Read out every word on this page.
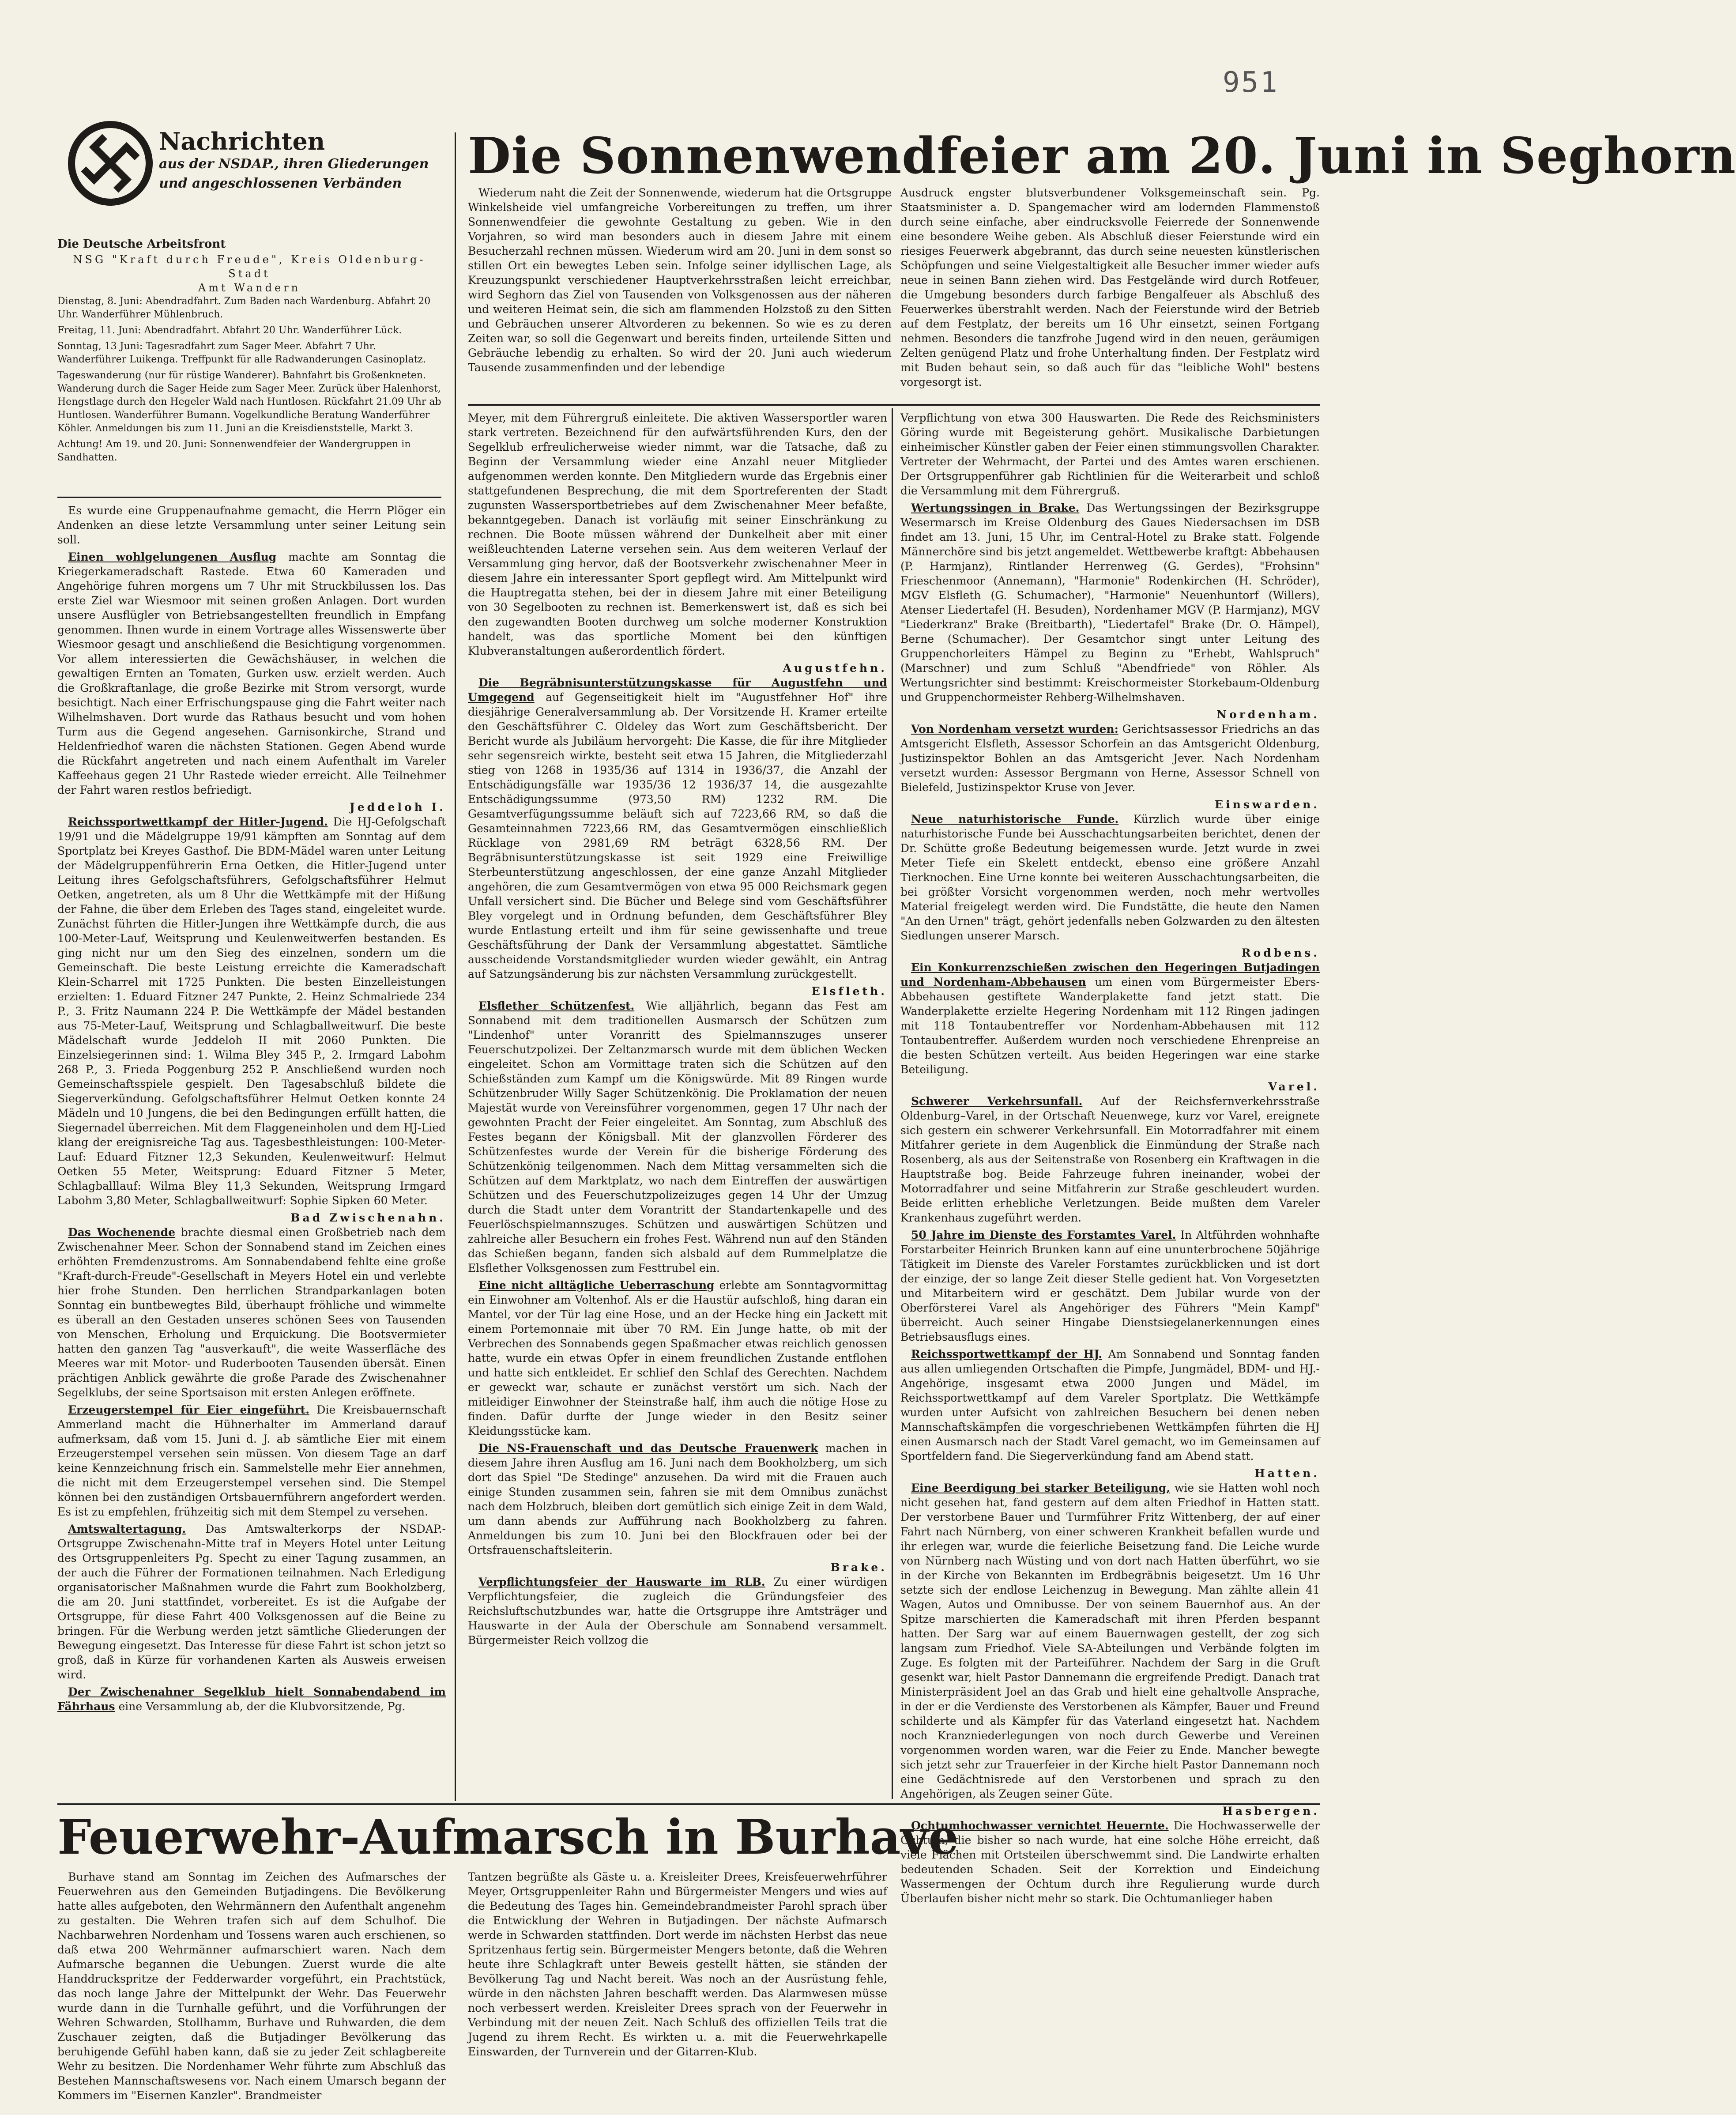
951
Nachrichten
aus der NSDAP., ihren Gliederungen und angeschlossenen Verbänden
Die Deutsche Arbeitsfront
NSG "Kraft durch Freude", Kreis Oldenburg-Stadt
Amt Wandern

Dienstag, 8. Juni: Abendradfahrt. Zum Baden nach Wardenburg. Abfahrt 20 Uhr. Wanderführer Mühlenbruch.

Freitag, 11. Juni: Abendradfahrt. Abfahrt 20 Uhr. Wanderführer Lück.

Sonntag, 13 Juni: Tagesradfahrt zum Sager Meer. Abfahrt 7 Uhr. Wanderführer Luikenga. Treffpunkt für alle Radwanderungen Casinoplatz.

Tageswanderung (nur für rüstige Wanderer). Bahnfahrt bis Großenkneten. Wanderung durch die Sager Heide zum Sager Meer. Zurück über Halenhorst, Hengstlage durch den Hegeler Wald nach Huntlosen. Rückfahrt 21.09 Uhr ab Huntlosen. Wanderführer Bumann. Vogelkundliche Beratung Wanderführer Köhler. Anmeldungen bis zum 11. Juni an die Kreisdienststelle, Markt 3.

Achtung! Am 19. und 20. Juni: Sonnenwendfeier der Wandergruppen in Sandhatten.

Die Sonnenwendfeier am 20. Juni in Seghorn

Wiederum naht die Zeit der Sonnenwende, wiederum hat die Ortsgruppe Winkelsheide viel umfangreiche Vorbereitungen zu treffen, um ihrer Sonnenwendfeier die gewohnte Gestaltung zu geben. Wie in den Vorjahren, so wird man besonders auch in diesem Jahre mit einem Besucherzahl rechnen müssen. Wiederum wird am 20. Juni in dem sonst so stillen Ort ein bewegtes Leben sein. Infolge seiner idyllischen Lage, als Kreuzungspunkt verschiedener Hauptverkehrsstraßen leicht erreichbar, wird Seghorn das Ziel von Tausenden von Volksgenossen aus der näheren und weiteren Heimat sein, die sich am flammenden Holzstoß zu den Sitten und Gebräuchen unserer Altvorderen zu bekennen. So wie es zu deren Zeiten war, so soll die Gegenwart und bereits finden, urteilende Sitten und Gebräuche lebendig zu erhalten. So wird der 20. Juni auch wiederum Tausende zusammenfinden und der lebendige

Ausdruck engster blutsverbundener Volksgemeinschaft sein. Pg. Staatsminister a. D. Spangemacher wird am lodernden Flammenstoß durch seine einfache, aber eindrucksvolle Feierrede der Sonnenwende eine besondere Weihe geben. Als Abschluß dieser Feierstunde wird ein riesiges Feuerwerk abgebrannt, das durch seine neuesten künstlerischen Schöpfungen und seine Vielgestaltigkeit alle Besucher immer wieder aufs neue in seinen Bann ziehen wird. Das Festgelände wird durch Rotfeuer, die Umgebung besonders durch farbige Bengalfeuer als Abschluß des Feuerwerkes überstrahlt werden. Nach der Feierstunde wird der Betrieb auf dem Festplatz, der bereits um 16 Uhr einsetzt, seinen Fortgang nehmen. Besonders die tanzfrohe Jugend wird in den neuen, geräumigen Zelten genügend Platz und frohe Unterhaltung finden. Der Festplatz wird mit Buden behaut sein, so daß auch für das "leibliche Wohl" bestens vorgesorgt ist.

Es wurde eine Gruppenaufnahme gemacht, die Herrn Plöger ein Andenken an diese letzte Versammlung unter seiner Leitung sein soll.

Einen wohlgelungenen Ausflug machte am Sonntag die Kriegerkameradschaft Rastede. Etwa 60 Kameraden und Angehörige fuhren morgens um 7 Uhr mit Struckbilussen los. Das erste Ziel war Wiesmoor mit seinen großen Anlagen. Dort wurden unsere Ausflügler von Betriebsangestellten freundlich in Empfang genommen. Ihnen wurde in einem Vortrage alles Wissenswerte über Wiesmoor gesagt und anschließend die Besichtigung vorgenommen. Vor allem interessierten die Gewächshäuser, in welchen die gewaltigen Ernten an Tomaten, Gurken usw. erzielt werden. Auch die Großkraftanlage, die große Bezirke mit Strom versorgt, wurde besichtigt. Nach einer Erfrischungspause ging die Fahrt weiter nach Wilhelmshaven. Dort wurde das Rathaus besucht und vom hohen Turm aus die Gegend angesehen. Garnisonkirche, Strand und Heldenfriedhof waren die nächsten Stationen. Gegen Abend wurde die Rückfahrt angetreten und nach einem Aufenthalt im Vareler Kaffeehaus gegen 21 Uhr Rastede wieder erreicht. Alle Teilnehmer der Fahrt waren restlos befriedigt.

Jeddeloh I.

Reichssportwettkampf der Hitler-Jugend. Die HJ-Gefolgschaft 19/91 und die Mädelgruppe 19/91 kämpften am Sonntag auf dem Sportplatz bei Kreyes Gasthof. Die BDM-Mädel waren unter Leitung der Mädelgruppenführerin Erna Oetken, die Hitler-Jugend unter Leitung ihres Gefolgschaftsführers, Gefolgschaftsführer Helmut Oetken, angetreten, als um 8 Uhr die Wettkämpfe mit der Hißung der Fahne, die über dem Erleben des Tages stand, eingeleitet wurde. Zunächst führten die Hitler-Jungen ihre Wettkämpfe durch, die aus 100-Meter-Lauf, Weitsprung und Keulenweitwerfen bestanden. Es ging nicht nur um den Sieg des einzelnen, sondern um die Gemeinschaft. Die beste Leistung erreichte die Kameradschaft Klein-Scharrel mit 1725 Punkten. Die besten Einzelleistungen erzielten: 1. Eduard Fitzner 247 Punkte, 2. Heinz Schmalriede 234 P., 3. Fritz Naumann 224 P. Die Wettkämpfe der Mädel bestanden aus 75-Meter-Lauf, Weitsprung und Schlagballweitwurf. Die beste Mädelschaft wurde Jeddeloh II mit 2060 Punkten. Die Einzelsiegerinnen sind: 1. Wilma Bley 345 P., 2. Irmgard Labohm 268 P., 3. Frieda Poggenburg 252 P. Anschließend wurden noch Gemeinschaftsspiele gespielt. Den Tagesabschluß bildete die Siegerverkündung. Gefolgschaftsführer Helmut Oetken konnte 24 Mädeln und 10 Jungens, die bei den Bedingungen erfüllt hatten, die Siegernadel überreichen. Mit dem Flaggeneinholen und dem HJ-Lied klang der ereignisreiche Tag aus. Tagesbesthleistungen: 100-Meter-Lauf: Eduard Fitzner 12,3 Sekunden, Keulenweitwurf: Helmut Oetken 55 Meter, Weitsprung: Eduard Fitzner 5 Meter, Schlagballlauf: Wilma Bley 11,3 Sekunden, Weitsprung Irmgard Labohm 3,80 Meter, Schlagballweitwurf: Sophie Sipken 60 Meter.

Bad Zwischenahn.

Das Wochenende brachte diesmal einen Großbetrieb nach dem Zwischenahner Meer. Schon der Sonnabend stand im Zeichen eines erhöhten Fremdenzustroms. Am Sonnabendabend fehlte eine große "Kraft-durch-Freude"-Gesellschaft in Meyers Hotel ein und verlebte hier frohe Stunden. Den herrlichen Strandparkanlagen boten Sonntag ein buntbewegtes Bild, überhaupt fröhliche und wimmelte es überall an den Gestaden unseres schönen Sees von Tausenden von Menschen, Erholung und Erquickung. Die Bootsvermieter hatten den ganzen Tag "ausverkauft", die weite Wasserfläche des Meeres war mit Motor- und Ruderbooten Tausenden übersät. Einen prächtigen Anblick gewährte die große Parade des Zwischenahner Segelklubs, der seine Sportsaison mit ersten Anlegen eröffnete.

Erzeugerstempel für Eier eingeführt. Die Kreisbauernschaft Ammerland macht die Hühnerhalter im Ammerland darauf aufmerksam, daß vom 15. Juni d. J. ab sämtliche Eier mit einem Erzeugerstempel versehen sein müssen. Von diesem Tage an darf keine Kennzeichnung frisch ein. Sammelstelle mehr Eier annehmen, die nicht mit dem Erzeugerstempel versehen sind. Die Stempel können bei den zuständigen Ortsbauernführern angefordert werden. Es ist zu empfehlen, frühzeitig sich mit dem Stempel zu versehen.

Amtswaltertagung. Das Amtswalterkorps der NSDAP.-Ortsgruppe Zwischenahn-Mitte traf in Meyers Hotel unter Leitung des Ortsgruppenleiters Pg. Specht zu einer Tagung zusammen, an der auch die Führer der Formationen teilnahmen. Nach Erledigung organisatorischer Maßnahmen wurde die Fahrt zum Bookholzberg, die am 20. Juni stattfindet, vorbereitet. Es ist die Aufgabe der Ortsgruppe, für diese Fahrt 400 Volksgenossen auf die Beine zu bringen. Für die Werbung werden jetzt sämtliche Gliederungen der Bewegung eingesetzt. Das Interesse für diese Fahrt ist schon jetzt so groß, daß in Kürze für vorhandenen Karten als Ausweis erweisen wird.

Der Zwischenahner Segelklub hielt Sonnabendabend im Fährhaus eine Versammlung ab, der die Klubvorsitzende, Pg.

Meyer, mit dem Führergruß einleitete. Die aktiven Wassersportler waren stark vertreten. Bezeichnend für den aufwärtsführenden Kurs, den der Segelklub erfreulicherweise wieder nimmt, war die Tatsache, daß zu Beginn der Versammlung wieder eine Anzahl neuer Mitglieder aufgenommen werden konnte. Den Mitgliedern wurde das Ergebnis einer stattgefundenen Besprechung, die mit dem Sportreferenten der Stadt zugunsten Wassersportbetriebes auf dem Zwischenahner Meer befaßte, bekanntgegeben. Danach ist vorläufig mit seiner Einschränkung zu rechnen. Die Boote müssen während der Dunkelheit aber mit einer weißleuchtenden Laterne versehen sein. Aus dem weiteren Verlauf der Versammlung ging hervor, daß der Bootsverkehr zwischenahner Meer in diesem Jahre ein interessanter Sport gepflegt wird. Am Mittelpunkt wird die Hauptregatta stehen, bei der in diesem Jahre mit einer Beteiligung von 30 Segelbooten zu rechnen ist. Bemerkenswert ist, daß es sich bei den zugewandten Booten durchweg um solche moderner Konstruktion handelt, was das sportliche Moment bei den künftigen Klubveranstaltungen außerordentlich fördert.

Augustfehn.

Die Begräbnisunterstützungskasse für Augustfehn und Umgegend auf Gegenseitigkeit hielt im "Augustfehner Hof" ihre diesjährige Generalversammlung ab. Der Vorsitzende H. Kramer erteilte den Geschäftsführer C. Oldeley das Wort zum Geschäftsbericht. Der Bericht wurde als Jubiläum hervorgeht: Die Kasse, die für ihre Mitglieder sehr segensreich wirkte, besteht seit etwa 15 Jahren, die Mitgliederzahl stieg von 1268 in 1935/36 auf 1314 in 1936/37, die Anzahl der Entschädigungsfälle war 1935/36 12 1936/37 14, die ausgezahlte Entschädigungssumme (973,50 RM) 1232 RM. Die Gesamtverfügungssumme beläuft sich auf 7223,66 RM, so daß die Gesamteinnahmen 7223,66 RM, das Gesamtvermögen einschließlich Rücklage von 2981,69 RM beträgt 6328,56 RM. Der Begräbnisunterstützungskasse ist seit 1929 eine Freiwillige Sterbeunterstützung angeschlossen, der eine ganze Anzahl Mitglieder angehören, die zum Gesamtvermögen von etwa 95 000 Reichsmark gegen Unfall versichert sind. Die Bücher und Belege sind vom Geschäftsführer Bley vorgelegt und in Ordnung befunden, dem Geschäftsführer Bley wurde Entlastung erteilt und ihm für seine gewissenhafte und treue Geschäftsführung der Dank der Versammlung abgestattet. Sämtliche ausscheidende Vorstandsmitglieder wurden wieder gewählt, ein Antrag auf Satzungsänderung bis zur nächsten Versammlung zurückgestellt.

Elsfleth.

Elsflether Schützenfest. Wie alljährlich, begann das Fest am Sonnabend mit dem traditionellen Ausmarsch der Schützen zum "Lindenhof" unter Voranritt des Spielmannszuges unserer Feuerschutzpolizei. Der Zeltanzmarsch wurde mit dem üblichen Wecken eingeleitet. Schon am Vormittage traten sich die Schützen auf den Schießständen zum Kampf um die Königswürde. Mit 89 Ringen wurde Schützenbruder Willy Sager Schützenkönig. Die Proklamation der neuen Majestät wurde von Vereinsführer vorgenommen, gegen 17 Uhr nach der gewohnten Pracht der Feier eingeleitet. Am Sonntag, zum Abschluß des Festes begann der Königsball. Mit der glanzvollen Förderer des Schützenfestes wurde der Verein für die bisherige Förderung des Schützenkönig teilgenommen. Nach dem Mittag versammelten sich die Schützen auf dem Marktplatz, wo nach dem Eintreffen der auswärtigen Schützen und des Feuerschutzpolizeizuges gegen 14 Uhr der Umzug durch die Stadt unter dem Vorantritt der Standartenkapelle und des Feuerlöschspielmannszuges. Schützen und auswärtigen Schützen und zahlreiche aller Besuchern ein frohes Fest. Während nun auf den Ständen das Schießen begann, fanden sich alsbald auf dem Rummelplatze die Elsflether Volksgenossen zum Festtrubel ein.

Eine nicht alltägliche Ueberraschung erlebte am Sonntagvormittag ein Einwohner am Voltenhof. Als er die Haustür aufschloß, hing daran ein Mantel, vor der Tür lag eine Hose, und an der Hecke hing ein Jackett mit einem Portemonnaie mit über 70 RM. Ein Junge hatte, ob mit der Verbrechen des Sonnabends gegen Spaßmacher etwas reichlich genossen hatte, wurde ein etwas Opfer in einem freundlichen Zustande entflohen und hatte sich entkleidet. Er schlief den Schlaf des Gerechten. Nachdem er geweckt war, schaute er zunächst verstört um sich. Nach der mitleidiger Einwohner der Steinstraße half, ihm auch die nötige Hose zu finden. Dafür durfte der Junge wieder in den Besitz seiner Kleidungsstücke kam.

Die NS-Frauenschaft und das Deutsche Frauenwerk machen in diesem Jahre ihren Ausflug am 16. Juni nach dem Bookholzberg, um sich dort das Spiel "De Stedinge" anzusehen. Da wird mit die Frauen auch einige Stunden zusammen sein, fahren sie mit dem Omnibus zunächst nach dem Holzbruch, bleiben dort gemütlich sich einige Zeit in dem Wald, um dann abends zur Aufführung nach Bookholzberg zu fahren. Anmeldungen bis zum 10. Juni bei den Blockfrauen oder bei der Ortsfrauenschaftsleiterin.

Brake.

Verpflichtungsfeier der Hauswarte im RLB. Zu einer würdigen Verpflichtungsfeier, die zugleich die Gründungsfeier des Reichsluftschutzbundes war, hatte die Ortsgruppe ihre Amtsträger und Hauswarte in der Aula der Oberschule am Sonnabend versammelt. Bürgermeister Reich vollzog die

Verpflichtung von etwa 300 Hauswarten. Die Rede des Reichsministers Göring wurde mit Begeisterung gehört. Musikalische Darbietungen einheimischer Künstler gaben der Feier einen stimmungsvollen Charakter. Vertreter der Wehrmacht, der Partei und des Amtes waren erschienen. Der Ortsgruppenführer gab Richtlinien für die Weiterarbeit und schloß die Versammlung mit dem Führergruß.

Wertungssingen in Brake. Das Wertungssingen der Bezirksgruppe Wesermarsch im Kreise Oldenburg des Gaues Niedersachsen im DSB findet am 13. Juni, 15 Uhr, im Central-Hotel zu Brake statt. Folgende Männerchöre sind bis jetzt angemeldet. Wettbewerbe kraftgt: Abbehausen (P. Harmjanz), Rintlander Herrenweg (G. Gerdes), "Frohsinn" Frieschenmoor (Annemann), "Harmonie" Rodenkirchen (H. Schröder), MGV Elsfleth (G. Schumacher), "Harmonie" Neuenhuntorf (Willers), Atenser Liedertafel (H. Besuden), Nordenhamer MGV (P. Harmjanz), MGV "Liederkranz" Brake (Breitbarth), "Liedertafel" Brake (Dr. O. Hämpel), Berne (Schumacher). Der Gesamtchor singt unter Leitung des Gruppenchorleiters Hämpel zu Beginn zu "Erhebt, Wahlspruch" (Marschner) und zum Schluß "Abendfriede" von Röhler. Als Wertungsrichter sind bestimmt: Kreischormeister Storkebaum-Oldenburg und Gruppenchormeister Rehberg-Wilhelmshaven.

Nordenham.

Von Nordenham versetzt wurden: Gerichtsassessor Friedrichs an das Amtsgericht Elsfleth, Assessor Schorfein an das Amtsgericht Oldenburg, Justizinspektor Bohlen an das Amtsgericht Jever. Nach Nordenham versetzt wurden: Assessor Bergmann von Herne, Assessor Schnell von Bielefeld, Justizinspektor Kruse von Jever.

Einswarden.

Neue naturhistorische Funde. Kürzlich wurde über einige naturhistorische Funde bei Ausschachtungsarbeiten berichtet, denen der Dr. Schütte große Bedeutung beigemessen wurde. Jetzt wurde in zwei Meter Tiefe ein Skelett entdeckt, ebenso eine größere Anzahl Tierknochen. Eine Urne konnte bei weiteren Ausschachtungsarbeiten, die bei größter Vorsicht vorgenommen werden, noch mehr wertvolles Material freigelegt werden wird. Die Fundstätte, die heute den Namen "An den Urnen" trägt, gehört jedenfalls neben Golzwarden zu den ältesten Siedlungen unserer Marsch.

Rodbens.

Ein Konkurrenzschießen zwischen den Hegeringen Butjadingen und Nordenham-Abbehausen um einen vom Bürgermeister Ebers-Abbehausen gestiftete Wanderplakette fand jetzt statt. Die Wanderplakette erzielte Hegering Nordenham mit 112 Ringen jadingen mit 118 Tontaubentreffer vor Nordenham-Abbehausen mit 112 Tontaubentreffer. Außerdem wurden noch verschiedene Ehrenpreise an die besten Schützen verteilt. Aus beiden Hegeringen war eine starke Beteiligung.

Varel.

Schwerer Verkehrsunfall. Auf der Reichsfernverkehrsstraße Oldenburg–Varel, in der Ortschaft Neuenwege, kurz vor Varel, ereignete sich gestern ein schwerer Verkehrsunfall. Ein Motorradfahrer mit einem Mitfahrer geriete in dem Augenblick die Einmündung der Straße nach Rosenberg, als aus der Seitenstraße von Rosenberg ein Kraftwagen in die Hauptstraße bog. Beide Fahrzeuge fuhren ineinander, wobei der Motorradfahrer und seine Mitfahrerin zur Straße geschleudert wurden. Beide erlitten erhebliche Verletzungen. Beide mußten dem Vareler Krankenhaus zugeführt werden.

50 Jahre im Dienste des Forstamtes Varel. In Altführden wohnhafte Forstarbeiter Heinrich Brunken kann auf eine ununterbrochene 50jährige Tätigkeit im Dienste des Vareler Forstamtes zurückblicken und ist dort der einzige, der so lange Zeit dieser Stelle gedient hat. Von Vorgesetzten und Mitarbeitern wird er geschätzt. Dem Jubilar wurde von der Oberförsterei Varel als Angehöriger des Führers "Mein Kampf" überreicht. Auch seiner Hingabe Dienstsiegelanerkennungen eines Betriebsausflugs eines.

Reichssportwettkampf der HJ. Am Sonnabend und Sonntag fanden aus allen umliegenden Ortschaften die Pimpfe, Jungmädel, BDM- und HJ.-Angehörige, insgesamt etwa 2000 Jungen und Mädel, im Reichssportwettkampf auf dem Vareler Sportplatz. Die Wettkämpfe wurden unter Aufsicht von zahlreichen Besuchern bei denen neben Mannschaftskämpfen die vorgeschriebenen Wettkämpfen führten die HJ einen Ausmarsch nach der Stadt Varel gemacht, wo im Gemeinsamen auf Sportfeldern fand. Die Siegerverkündung fand am Abend statt.

Hatten.

Eine Beerdigung bei starker Beteiligung, wie sie Hatten wohl noch nicht gesehen hat, fand gestern auf dem alten Friedhof in Hatten statt. Der verstorbene Bauer und Turmführer Fritz Wittenberg, der auf einer Fahrt nach Nürnberg, von einer schweren Krankheit befallen wurde und ihr erlegen war, wurde die feierliche Beisetzung fand. Die Leiche wurde von Nürnberg nach Wüsting und von dort nach Hatten überführt, wo sie in der Kirche von Bekannten im Erdbegräbnis beigesetzt. Um 16 Uhr setzte sich der endlose Leichenzug in Bewegung. Man zählte allein 41 Wagen, Autos und Omnibusse. Der von seinem Bauernhof aus. An der Spitze marschierten die Kameradschaft mit ihren Pferden bespannt hatten. Der Sarg war auf einem Bauernwagen gestellt, der zog sich langsam zum Friedhof. Viele SA-Abteilungen und Verbände folgten im Zuge. Es folgten mit der Parteiführer. Nachdem der Sarg in die Gruft gesenkt war, hielt Pastor Dannemann die ergreifende Predigt. Danach trat Ministerpräsident Joel an das Grab und hielt eine gehaltvolle Ansprache, in der er die Verdienste des Verstorbenen als Kämpfer, Bauer und Freund schilderte und als Kämpfer für das Vaterland eingesetzt hat. Nachdem noch Kranzniederlegungen von noch durch Gewerbe und Vereinen vorgenommen worden waren, war die Feier zu Ende. Mancher bewegte sich jetzt sehr zur Trauerfeier in der Kirche hielt Pastor Dannemann noch eine Gedächtnisrede auf den Verstorbenen und sprach zu den Angehörigen, als Zeugen seiner Güte.

Hasbergen.

Ochtumhochwasser vernichtet Heuernte. Die Hochwasserwelle der Ochtum, die bisher so nach wurde, hat eine solche Höhe erreicht, daß viele Flächen mit Ortsteilen überschwemmt sind. Die Landwirte erhalten bedeutenden Schaden. Seit der Korrektion und Eindeichung Wassermengen der Ochtum durch ihre Regulierung wurde durch Überlaufen bisher nicht mehr so stark. Die Ochtumanlieger haben

Feuerwehr-Aufmarsch in Burhave

Burhave stand am Sonntag im Zeichen des Aufmarsches der Feuerwehren aus den Gemeinden Butjadingens. Die Bevölkerung hatte alles aufgeboten, den Wehrmännern den Aufenthalt angenehm zu gestalten. Die Wehren trafen sich auf dem Schulhof. Die Nachbarwehren Nordenham und Tossens waren auch erschienen, so daß etwa 200 Wehrmänner aufmarschiert waren. Nach dem Aufmarsche begannen die Uebungen. Zuerst wurde die alte Handdruckspritze der Fedderwarder vorgeführt, ein Prachtstück, das noch lange Jahre der Mittelpunkt der Wehr. Das Feuerwehr wurde dann in die Turnhalle geführt, und die Vorführungen der Wehren Schwarden, Stollhamm, Burhave und Ruhwarden, die dem Zuschauer zeigten, daß die Butjadinger Bevölkerung das beruhigende Gefühl haben kann, daß sie zu jeder Zeit schlagbereite Wehr zu besitzen. Die Nordenhamer Wehr führte zum Abschluß das Bestehen Mannschaftswesens vor. Nach einem Umarsch begann der Kommers im "Eisernen Kanzler". Brandmeister

Tantzen begrüßte als Gäste u. a. Kreisleiter Drees, Kreisfeuerwehrführer Meyer, Ortsgruppenleiter Rahn und Bürgermeister Mengers und wies auf die Bedeutung des Tages hin. Gemeindebrandmeister Parohl sprach über die Entwicklung der Wehren in Butjadingen. Der nächste Aufmarsch werde in Schwarden stattfinden. Dort werde im nächsten Herbst das neue Spritzenhaus fertig sein. Bürgermeister Mengers betonte, daß die Wehren heute ihre Schlagkraft unter Beweis gestellt hätten, sie ständen der Bevölkerung Tag und Nacht bereit. Was noch an der Ausrüstung fehle, würde in den nächsten Jahren beschafft werden. Das Alarmwesen müsse noch verbessert werden. Kreisleiter Drees sprach von der Feuerwehr in Verbindung mit der neuen Zeit. Nach Schluß des offiziellen Teils trat die Jugend zu ihrem Recht. Es wirkten u. a. mit die Feuerwehrkapelle Einswarden, der Turnverein und der Gitarren-Klub.
